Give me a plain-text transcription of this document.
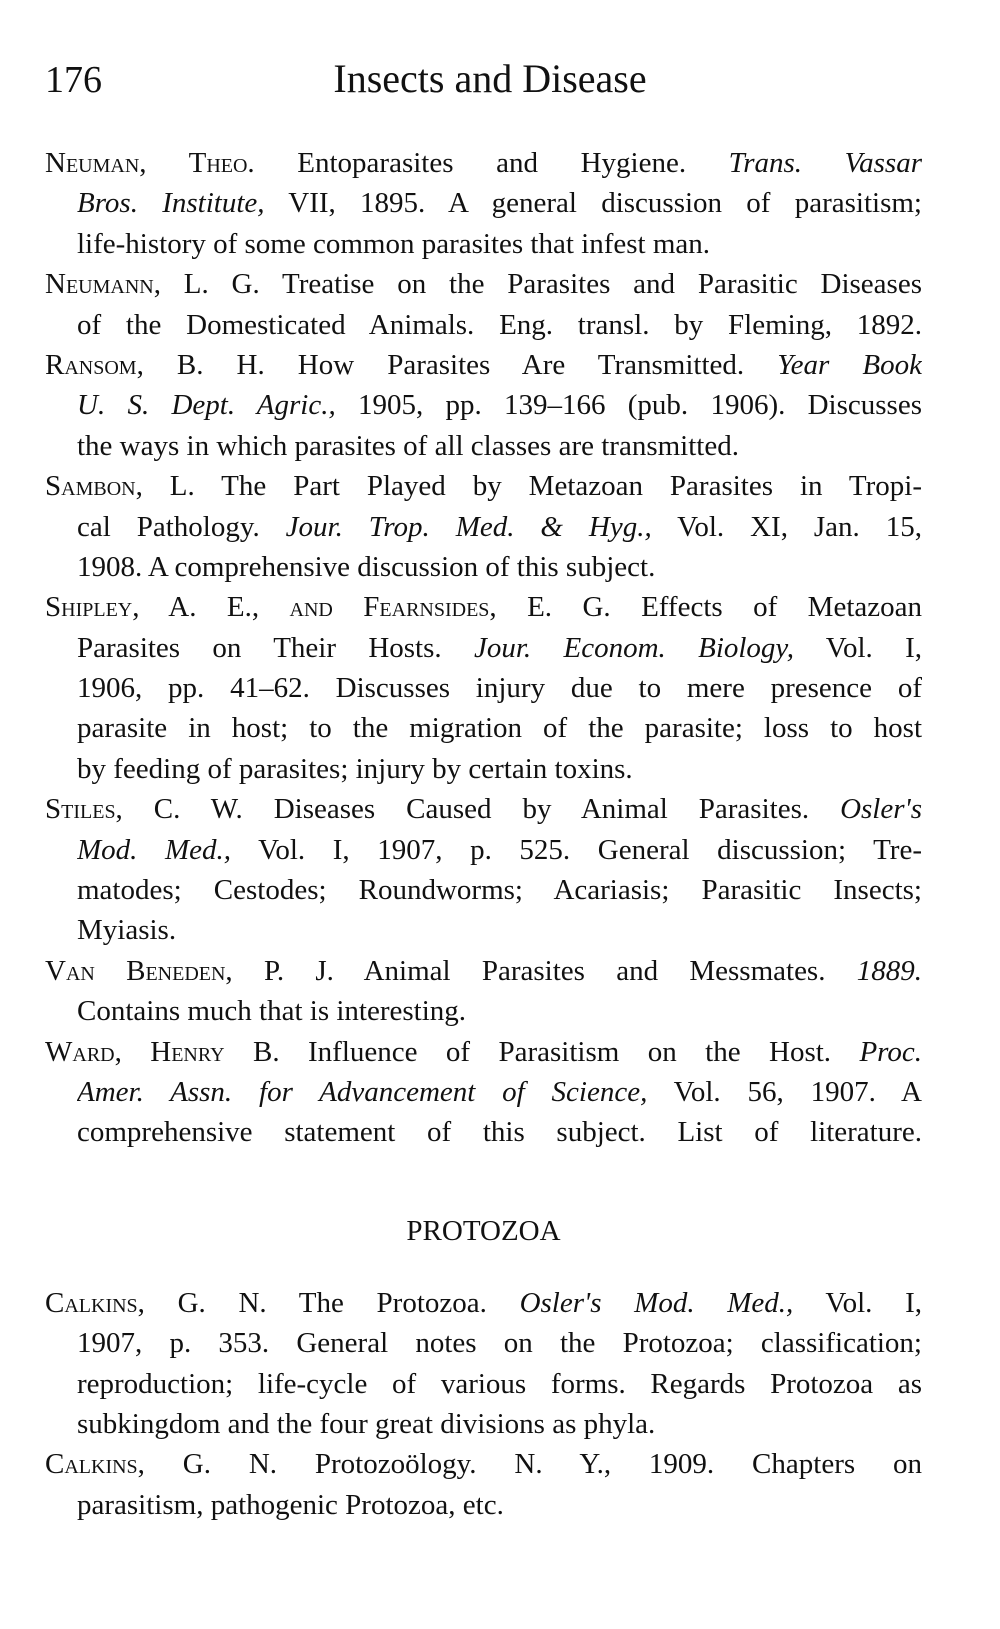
176	Insects and Disease
Neuman, Theo. Entoparasites and Hygiene. Trans. Vassar
Bros. Institute, VII, 1895. A general discussion of parasitism;
life-history of some common parasites that infest man.
Neumann, L. G. Treatise on the Parasites and Parasitic Diseases
of the Domesticated Animals. Eng. transl. by Fleming, 1892.
Ransom, B. H. How Parasites Are Transmitted. Year Book
U. S. Dept. Agric., 1905, pp. 139–166 (pub. 1906). Discusses
the ways in which parasites of all classes are transmitted.
Sambon, L. The Part Played by Metazoan Parasites in Tropi-
cal Pathology. Jour. Trop. Med. & Hyg., Vol. XI, Jan. 15,
1908. A comprehensive discussion of this subject.
Shipley, A. E., and Fearnsides, E. G. Effects of Metazoan
Parasites on Their Hosts. Jour. Econom. Biology, Vol. I,
1906, pp. 41–62. Discusses injury due to mere presence of
parasite in host; to the migration of the parasite; loss to host
by feeding of parasites; injury by certain toxins.
Stiles, C. W. Diseases Caused by Animal Parasites. Osler's
Mod. Med., Vol. I, 1907, p. 525. General discussion; Tre-
matodes; Cestodes; Roundworms; Acariasis; Parasitic Insects;
Myiasis.
Van Beneden, P. J. Animal Parasites and Messmates. 1889.
Contains much that is interesting.
Ward, Henry B. Influence of Parasitism on the Host. Proc.
Amer. Assn. for Advancement of Science, Vol. 56, 1907. A
comprehensive statement of this subject. List of literature.
PROTOZOA
Calkins, G. N. The Protozoa. Osler's Mod. Med., Vol. I,
1907, p. 353. General notes on the Protozoa; classification;
reproduction; life-cycle of various forms. Regards Protozoa as
subkingdom and the four great divisions as phyla.
Calkins, G. N. Protozoölogy. N. Y., 1909. Chapters on
parasitism, pathogenic Protozoa, etc.
